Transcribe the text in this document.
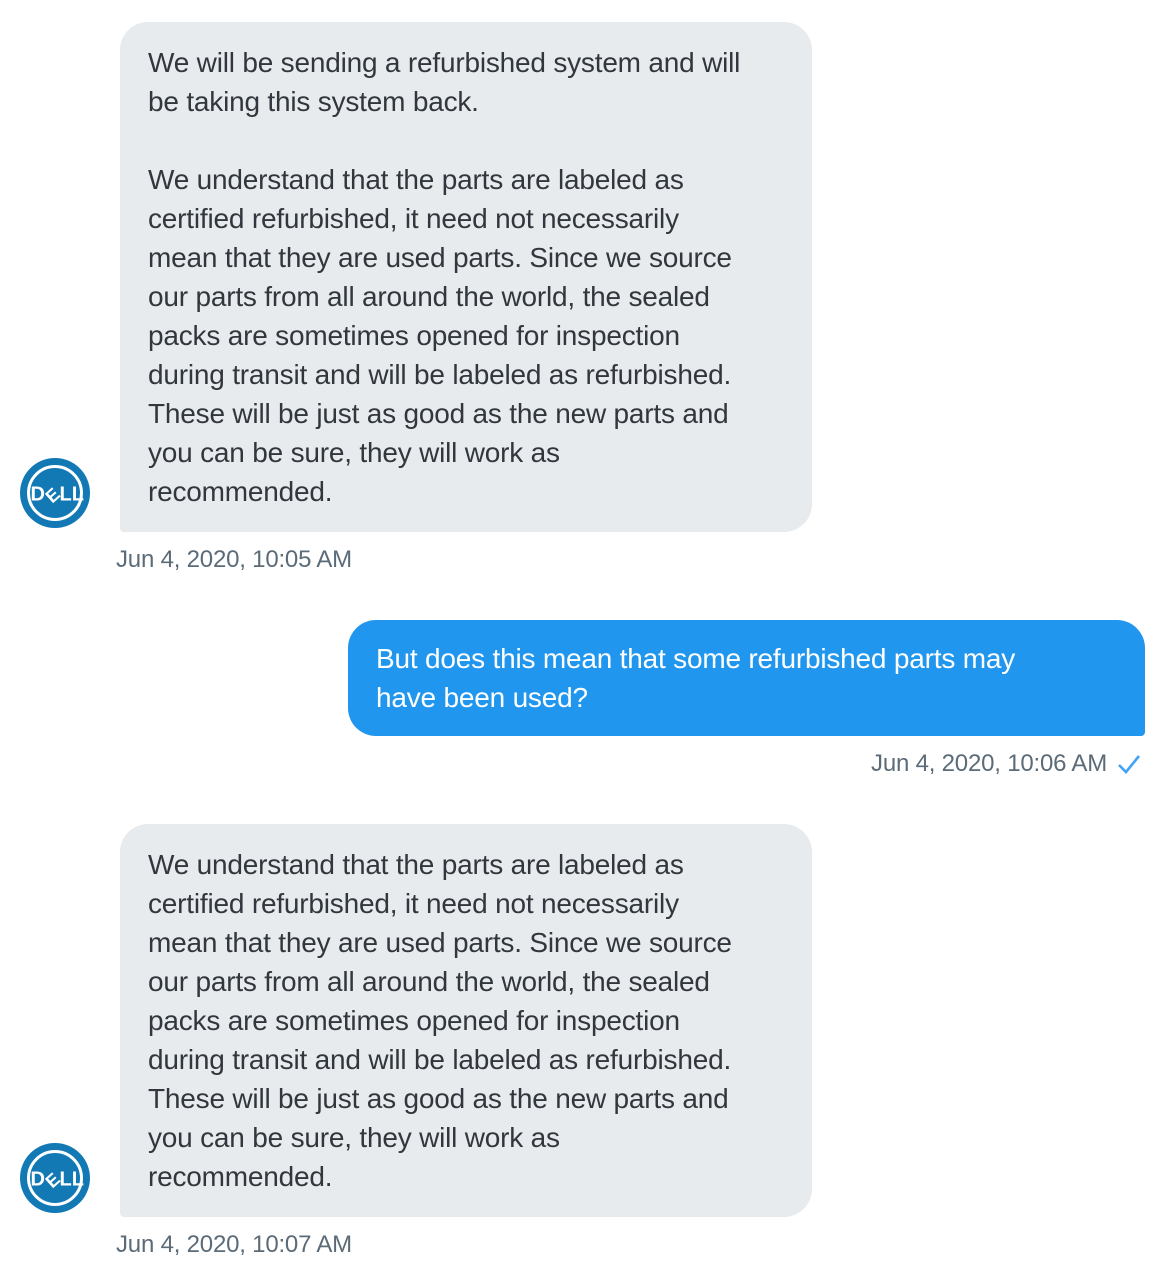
D
E
LL

We will be sending a refurbished system and will be taking this system back.

We understand that the parts are labeled as certified refurbished, it need not necessarily mean that they are used parts. Since we source our parts from all around the world, the sealed packs are sometimes opened for inspection during transit and will be labeled as refurbished. These will be just as good as the new parts and you can be sure, they will work as recommended.

Jun 4, 2020, 10:05 AM

But does this mean that some refurbished parts may have been used?

Jun 4, 2020, 10:06 AM
D
E
LL

We understand that the parts are labeled as certified refurbished, it need not necessarily mean that they are used parts. Since we source our parts from all around the world, the sealed packs are sometimes opened for inspection during transit and will be labeled as refurbished. These will be just as good as the new parts and you can be sure, they will work as recommended.

Jun 4, 2020, 10:07 AM
